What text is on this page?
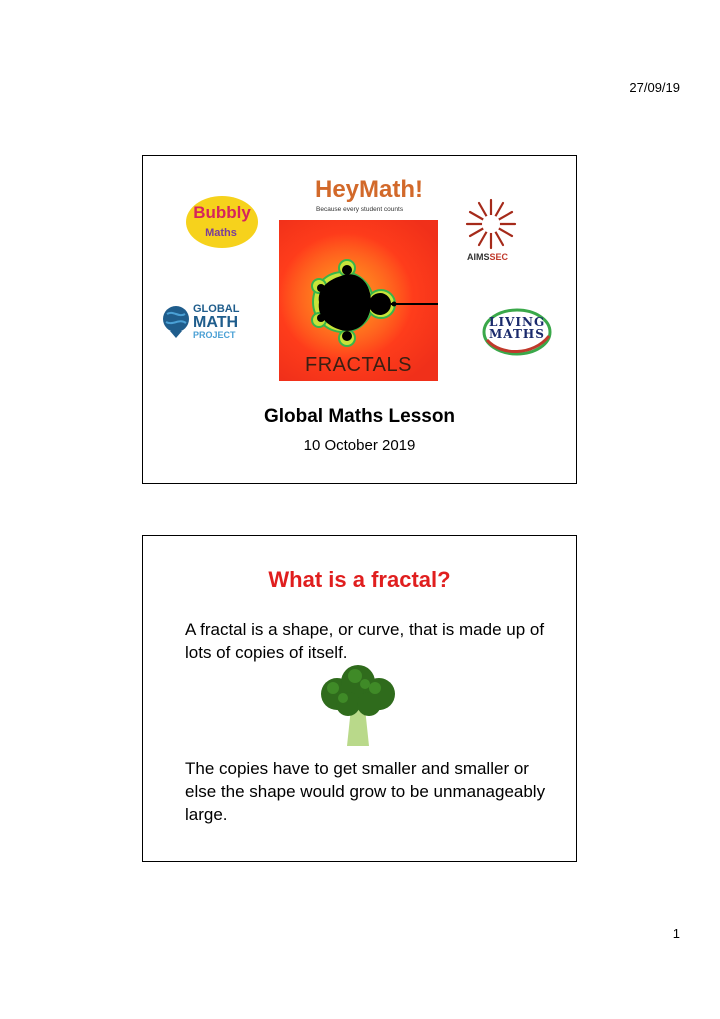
27/09/19
HeyMath!
Because every student counts
Bubbly
Maths
AIMSSEC
FRACTALS
GLOBAL
MATH
PROJECT
LIVING
MATHS
Global Maths Lesson
10 October 2019
What is a fractal?
A fractal is a shape, or curve, that is made up of lots of copies of itself.
The copies have to get smaller and smaller or else the shape would grow to be unmanageably large.
1
